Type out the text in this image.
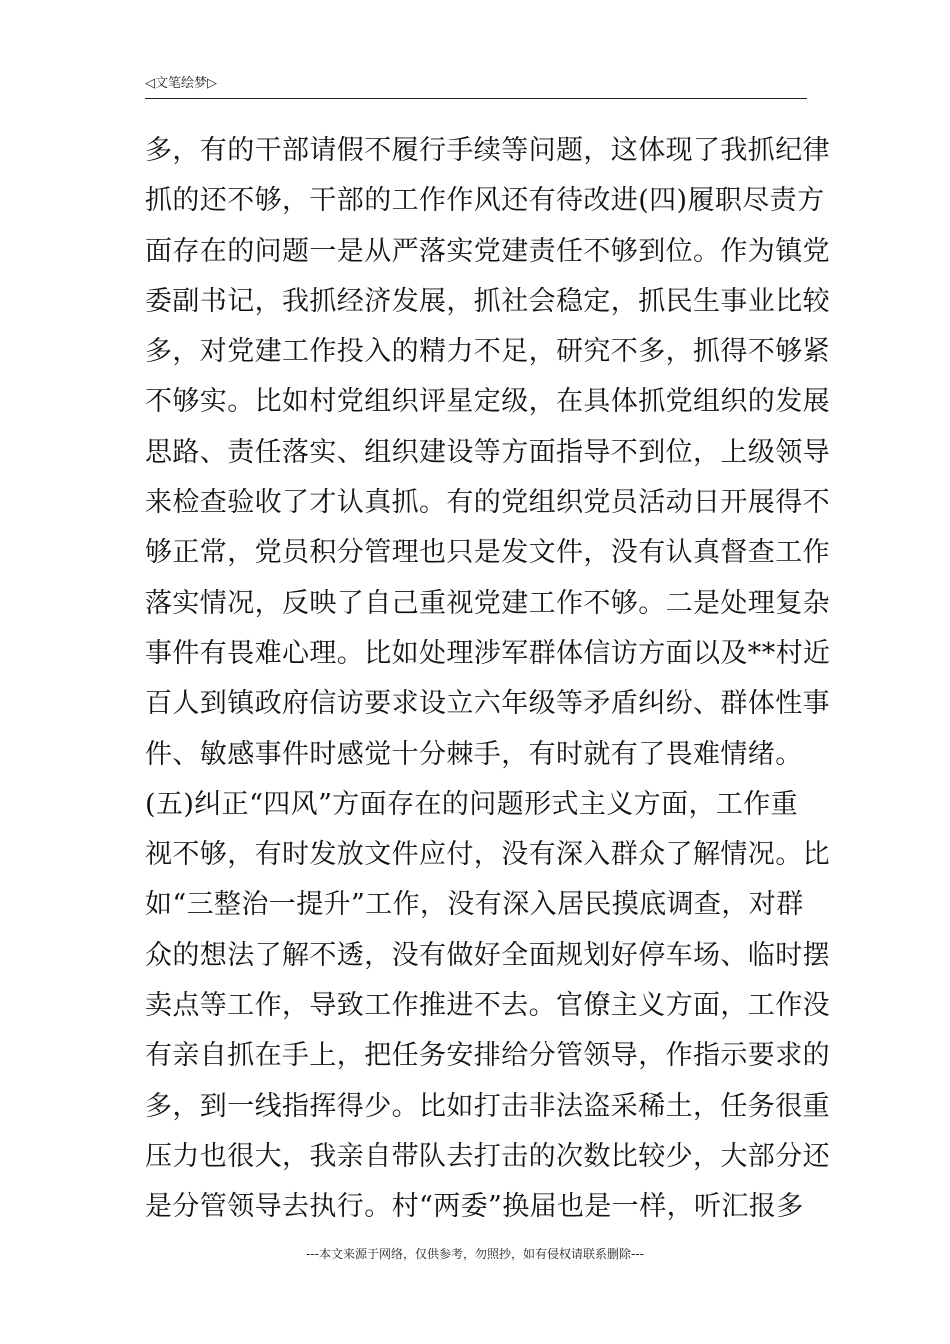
◁文笔绘梦▷
多，有的干部请假不履行手续等问题，这体现了我抓纪律
抓的还不够，干部的工作作风还有待改进(四)履职尽责方
面存在的问题一是从严落实党建责任不够到位。作为镇党
委副书记，我抓经济发展，抓社会稳定，抓民生事业比较
多，对党建工作投入的精力不足，研究不多，抓得不够紧
不够实。比如村党组织评星定级，在具体抓党组织的发展
思路、责任落实、组织建设等方面指导不到位，上级领导
来检查验收了才认真抓。有的党组织党员活动日开展得不
够正常，党员积分管理也只是发文件，没有认真督查工作
落实情况，反映了自己重视党建工作不够。二是处理复杂
事件有畏难心理。比如处理涉军群体信访方面以及**村近
百人到镇政府信访要求设立六年级等矛盾纠纷、群体性事
件、敏感事件时感觉十分棘手，有时就有了畏难情绪。
(五)纠正“四风”方面存在的问题形式主义方面，工作重
视不够，有时发放文件应付，没有深入群众了解情况。比
如“三整治一提升”工作，没有深入居民摸底调查，对群
众的想法了解不透，没有做好全面规划好停车场、临时摆
卖点等工作，导致工作推进不去。官僚主义方面，工作没
有亲自抓在手上，把任务安排给分管领导，作指示要求的
多，到一线指挥得少。比如打击非法盗采稀土，任务很重
压力也很大，我亲自带队去打击的次数比较少，大部分还
是分管领导去执行。村“两委”换届也是一样，听汇报多
---本文来源于网络，仅供参考，勿照抄，如有侵权请联系删除---
